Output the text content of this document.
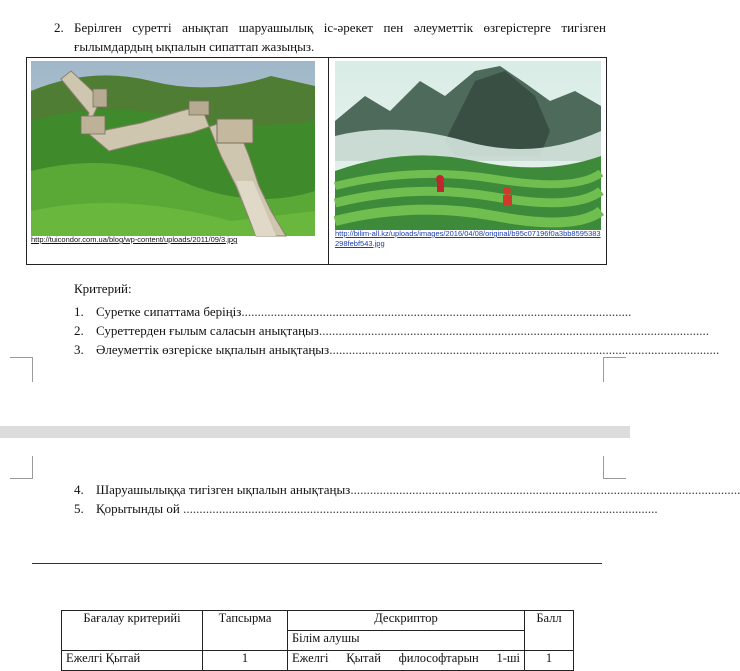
2. Берілген суретті анықтап шаруашылық іс-әрекет пен әлеуметтік өзгерістерге тигізген ғылымдардың ықпалын сипаттап жазыңыз.
http://tuicondor.com.ua/blog/wp-content/uploads/2011/09/3.jpg
http://bilim-all.kz/uploads/images/2016/04/08/original/b95c07196f0a3bb8595383298febf543.jpg
Критерий:
1. Суретке сипаттама беріңіз........................................................................................................................
2. Суреттерден ғылым саласын анықтаңыз........................................................................................................................
3. Әлеуметтік өзгеріске ықпалын анықтаңыз........................................................................................................................
4. Шаруашылыққа тигізген ықпалын анықтаңыз........................................................................................................................
5. Қорытынды ой ..................................................................................................................................................
Бағалау критерийі	Тапсырма	Дескриптор	Балл
		Білім алушы	
Ежелгі Қытай	1	Ежелгі Қытай философтарын 1-ші	1
